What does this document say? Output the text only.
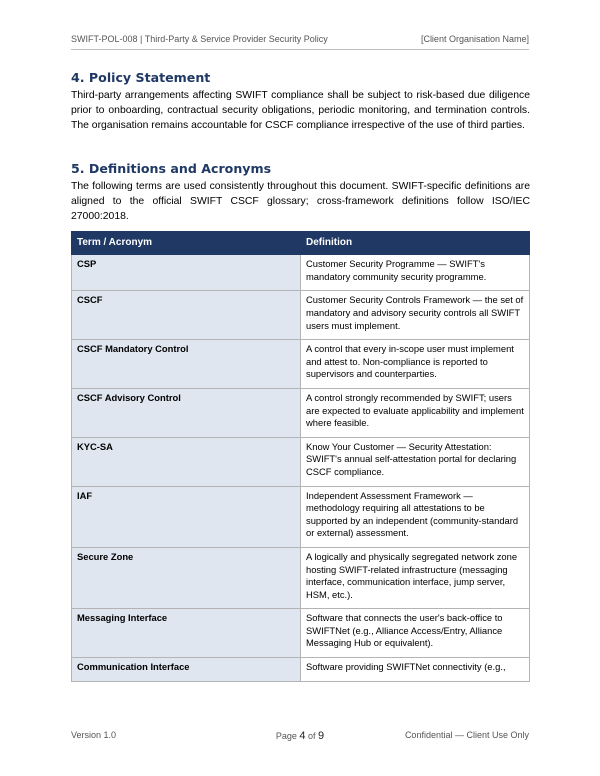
SWIFT-POL-008 | Third-Party & Service Provider Security Policy	[Client Organisation Name]
4. Policy Statement

Third-party arrangements affecting SWIFT compliance shall be subject to risk-based due diligence prior to onboarding, contractual security obligations, periodic monitoring, and termination controls. The organisation remains accountable for CSCF compliance irrespective of the use of third parties.

5. Definitions and Acronyms

The following terms are used consistently throughout this document. SWIFT-specific definitions are aligned to the official SWIFT CSCF glossary; cross-framework definitions follow ISO/IEC 27000:2018.

Term / Acronym	Definition
CSP	Customer Security Programme — SWIFT's mandatory community security programme.
CSCF	Customer Security Controls Framework — the set of mandatory and advisory security controls all SWIFT users must implement.
CSCF Mandatory Control	A control that every in-scope user must implement and attest to. Non-compliance is reported to supervisors and counterparties.
CSCF Advisory Control	A control strongly recommended by SWIFT; users are expected to evaluate applicability and implement where feasible.
KYC-SA	Know Your Customer — Security Attestation: SWIFT's annual self-attestation portal for declaring CSCF compliance.
IAF	Independent Assessment Framework — methodology requiring all attestations to be supported by an independent (community-standard or external) assessment.
Secure Zone	A logically and physically segregated network zone hosting SWIFT-related infrastructure (messaging interface, communication interface, jump server, HSM, etc.).
Messaging Interface	Software that connects the user's back-office to SWIFTNet (e.g., Alliance Access/Entry, Alliance Messaging Hub or equivalent).
Communication Interface	Software providing SWIFTNet connectivity (e.g.,
Version 1.0	Page 4 of 9	Confidential — Client Use Only
